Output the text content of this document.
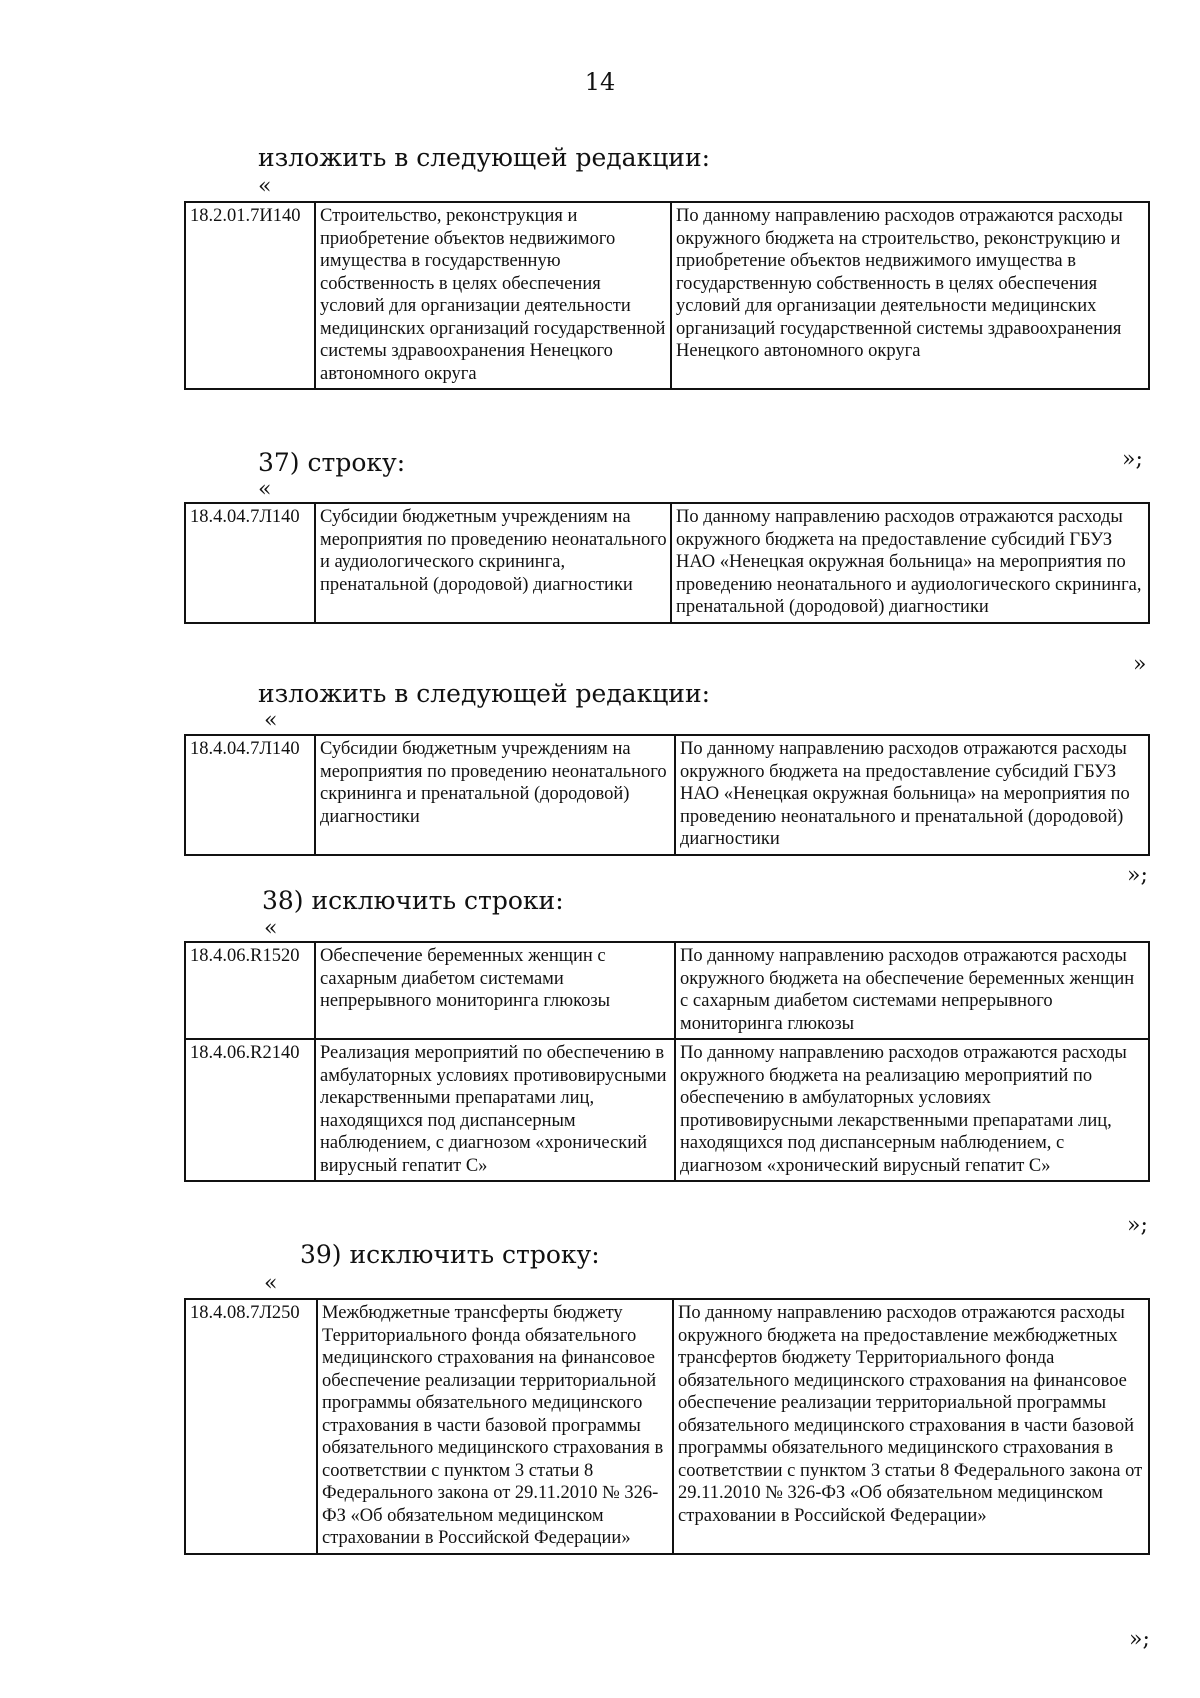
14
изложить в следующей редакции:
«
18.2.01.7И140	Строительство, реконструкция и приобретение объектов недвижимого имущества в государственную собственность в целях обеспечения условий для организации деятельности медицинских организаций государственной системы здравоохранения Ненецкого автономного округа	По данному направлению расходов отражаются расходы окружного бюджета на строительство, реконструкцию и приобретение объектов недвижимого имущества в государственную собственность в целях обеспечения условий для организации деятельности медицинских организаций государственной системы здравоохранения Ненецкого автономного округа
»;
37) строку:
«
18.4.04.7Л140	Субсидии бюджетным учреждениям на мероприятия по проведению неонатального и аудиологического скрининга, пренатальной (дородовой) диагностики	По данному направлению расходов отражаются расходы окружного бюджета на предоставление субсидий ГБУЗ НАО «Ненецкая окружная больница» на мероприятия по проведению неонатального и аудиологического скрининга, пренатальной (дородовой) диагностики
»
изложить в следующей редакции:
«
18.4.04.7Л140	Субсидии бюджетным учреждениям на мероприятия по проведению неонатального скрининга и пренатальной (дородовой) диагностики	По данному направлению расходов отражаются расходы окружного бюджета на предоставление субсидий ГБУЗ НАО «Ненецкая окружная больница» на мероприятия по проведению неонатального и пренатальной (дородовой) диагностики
»;
38) исключить строки:
«
18.4.06.R1520	Обеспечение беременных женщин с сахарным диабетом системами непрерывного мониторинга глюкозы	По данному направлению расходов отражаются расходы окружного бюджета на обеспечение беременных женщин с сахарным диабетом системами непрерывного мониторинга глюкозы
18.4.06.R2140	Реализация мероприятий по обеспечению в амбулаторных условиях противовирусными лекарственными препаратами лиц, находящихся под диспансерным наблюдением, с диагнозом «хронический вирусный гепатит С»	По данному направлению расходов отражаются расходы окружного бюджета на реализацию мероприятий по обеспечению в амбулаторных условиях противовирусными лекарственными препаратами лиц, находящихся под диспансерным наблюдением, с диагнозом «хронический вирусный гепатит С»
»;
39) исключить строку:
«
18.4.08.7Л250	Межбюджетные трансферты бюджету Территориального фонда обязательного медицинского страхования на финансовое обеспечение реализации территориальной программы обязательного медицинского страхования в части базовой программы обязательного медицинского страхования в соответствии с пунктом 3 статьи 8 Федерального закона от 29.11.2010 № 326-ФЗ «Об обязательном медицинском страховании в Российской Федерации»	По данному направлению расходов отражаются расходы окружного бюджета на предоставление межбюджетных трансфертов бюджету Территориального фонда обязательного медицинского страхования на финансовое обеспечение реализации территориальной программы обязательного медицинского страхования в части базовой программы обязательного медицинского страхования в соответствии с пунктом 3 статьи 8 Федерального закона от 29.11.2010 № 326-ФЗ «Об обязательном медицинском страховании в Российской Федерации»
»;
